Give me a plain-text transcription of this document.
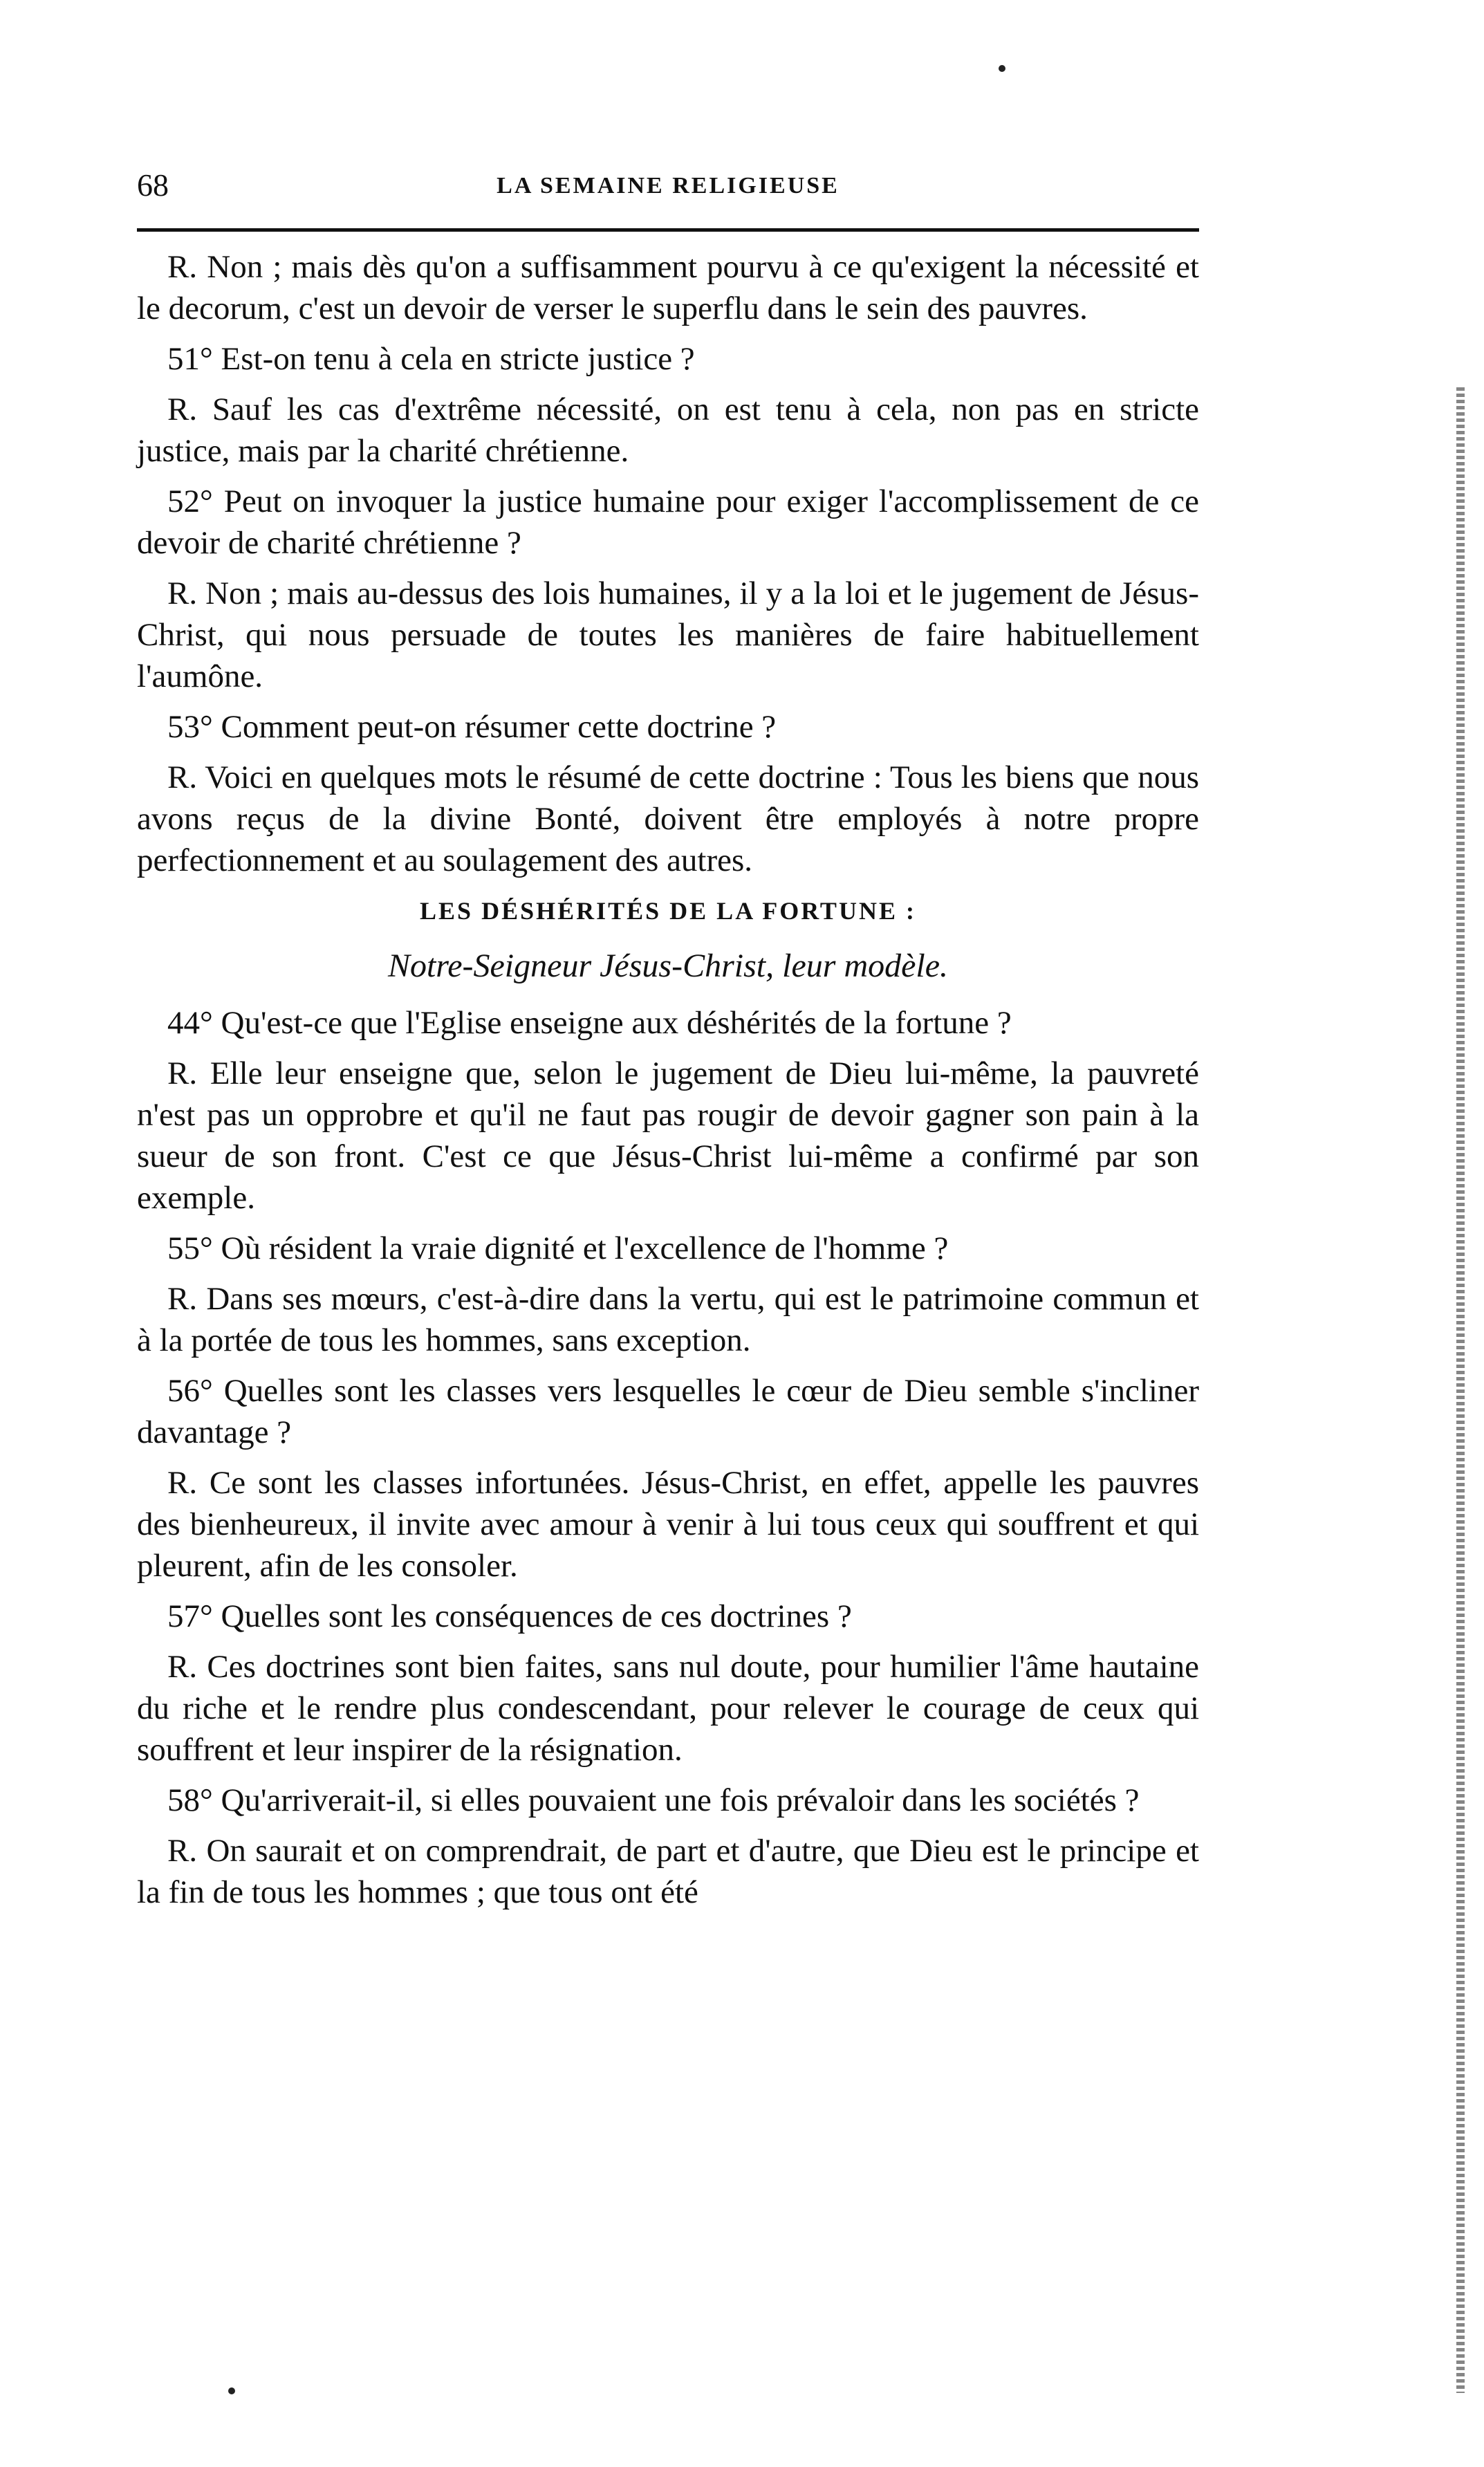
68	LA SEMAINE RELIGIEUSE

R. Non ; mais dès qu'on a suffisamment pourvu à ce qu'exigent la nécessité et le decorum, c'est un devoir de verser le superflu dans le sein des pauvres.

51° Est-on tenu à cela en stricte justice ?

R. Sauf les cas d'extrême nécessité, on est tenu à cela, non pas en stricte justice, mais par la charité chrétienne.

52° Peut on invoquer la justice humaine pour exiger l'accomplissement de ce devoir de charité chrétienne ?

R. Non ; mais au-dessus des lois humaines, il y a la loi et le jugement de Jésus-Christ, qui nous persuade de toutes les manières de faire habituellement l'aumône.

53° Comment peut-on résumer cette doctrine ?

R. Voici en quelques mots le résumé de cette doctrine : Tous les biens que nous avons reçus de la divine Bonté, doivent être employés à notre propre perfectionnement et au soulagement des autres.

LES DÉSHÉRITÉS DE LA FORTUNE :
Notre-Seigneur Jésus-Christ, leur modèle.

44° Qu'est-ce que l'Eglise enseigne aux déshérités de la fortune ?

R. Elle leur enseigne que, selon le jugement de Dieu lui-même, la pauvreté n'est pas un opprobre et qu'il ne faut pas rougir de devoir gagner son pain à la sueur de son front. C'est ce que Jésus-Christ lui-même a confirmé par son exemple.

55° Où résident la vraie dignité et l'excellence de l'homme ?

R. Dans ses mœurs, c'est-à-dire dans la vertu, qui est le patrimoine commun et à la portée de tous les hommes, sans exception.

56° Quelles sont les classes vers lesquelles le cœur de Dieu semble s'incliner davantage ?

R. Ce sont les classes infortunées. Jésus-Christ, en effet, appelle les pauvres des bienheureux, il invite avec amour à venir à lui tous ceux qui souffrent et qui pleurent, afin de les consoler.

57° Quelles sont les conséquences de ces doctrines ?

R. Ces doctrines sont bien faites, sans nul doute, pour humilier l'âme hautaine du riche et le rendre plus condescendant, pour relever le courage de ceux qui souffrent et leur inspirer de la résignation.

58° Qu'arriverait-il, si elles pouvaient une fois prévaloir dans les sociétés ?

R. On saurait et on comprendrait, de part et d'autre, que Dieu est le principe et la fin de tous les hommes ; que tous ont été
